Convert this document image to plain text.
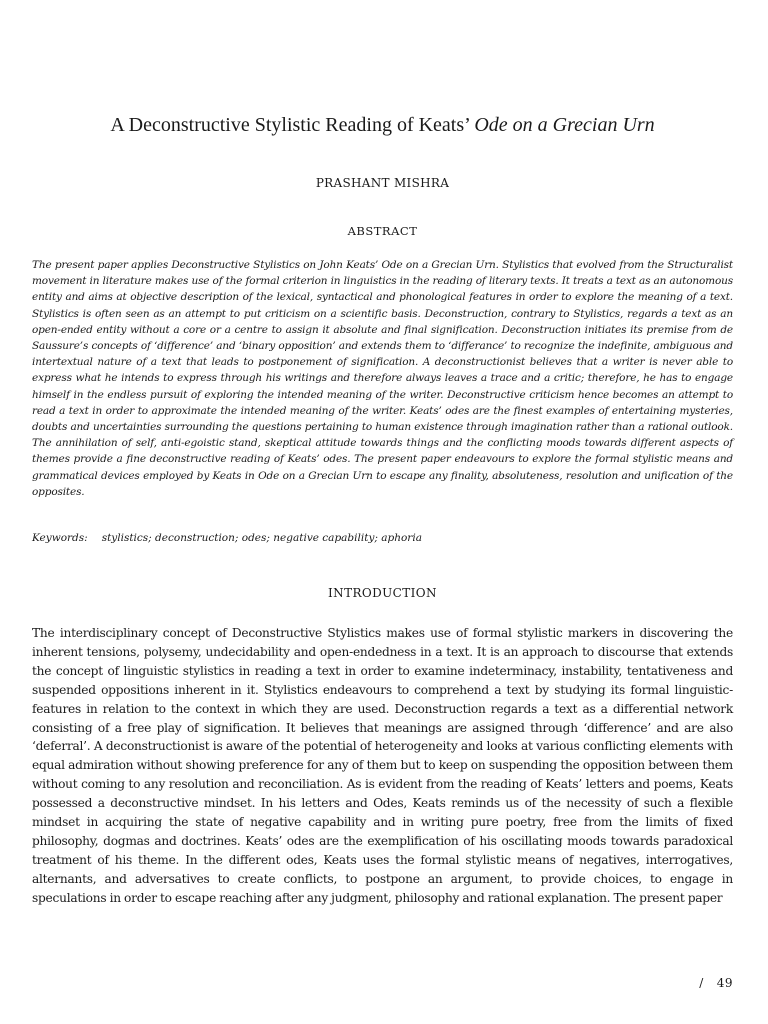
A Deconstructive Stylistic Reading of Keats’ Ode on a Grecian Urn
PRASHANT MISHRA
ABSTRACT

The present paper applies Deconstructive Stylistics on John Keats’ Ode on a Grecian Urn. Stylistics that evolved from the Structuralist movement in literature makes use of the formal criterion in linguistics in the reading of literary texts. It treats a text as an autonomous entity and aims at objective description of the lexical, syntactical and phonological features in order to explore the meaning of a text. Stylistics is often seen as an attempt to put criticism on a scientific basis. Deconstruction, contrary to Stylistics, regards a text as an open-ended entity without a core or a centre to assign it absolute and final signification. Deconstruction initiates its premise from de Saussure’s concepts of ‘difference’ and ‘binary opposition’ and extends them to ‘differance’ to recognize the indefinite, ambiguous and intertextual nature of a text that leads to postponement of signification. A deconstructionist believes that a writer is never able to express what he intends to express through his writings and therefore always leaves a trace and a critic; therefore, he has to engage himself in the endless pursuit of exploring the intended meaning of the writer. Deconstructive criticism hence becomes an attempt to read a text in order to approximate the intended meaning of the writer. Keats’ odes are the finest examples of entertaining mysteries, doubts and uncertainties surrounding the questions pertaining to human existence through imagination rather than a rational outlook. The annihilation of self, anti-egoistic stand, skeptical attitude towards things and the conflicting moods towards different aspects of themes provide a fine deconstructive reading of Keats’ odes. The present paper endeavours to explore the formal stylistic means and grammatical devices employed by Keats in Ode on a Grecian Urn to escape any finality, absoluteness, resolution and unification of the opposites.

Keywords: stylistics; deconstruction; odes; negative capability; aphoria
INTRODUCTION

The interdisciplinary concept of Deconstructive Stylistics makes use of formal stylistic markers in discovering the inherent tensions, polysemy, undecidability and open-endedness in a text. It is an approach to discourse that extends the concept of linguistic stylistics in reading a text in order to examine indeterminacy, instability, tentativeness and suspended oppositions inherent in it. Stylistics endeavours to comprehend a text by studying its formal linguistic-features in relation to the context in which they are used. Deconstruction regards a text as a differential network consisting of a free play of signification. It believes that meanings are assigned through ‘difference’ and are also ‘deferral’. A deconstructionist is aware of the potential of heterogeneity and looks at various conflicting elements with equal admiration without showing preference for any of them but to keep on suspending the opposition between them without coming to any resolution and reconciliation. As is evident from the reading of Keats’ letters and poems, Keats possessed a deconstructive mindset. In his letters and Odes, Keats reminds us of the necessity of such a flexible mindset in acquiring the state of negative capability and in writing pure poetry, free from the limits of fixed philosophy, dogmas and doctrines. Keats’ odes are the exemplification of his oscillating moods towards paradoxical treatment of his theme. In the different odes, Keats uses the formal stylistic means of negatives, interrogatives, alternants, and adversatives to create conflicts, to postpone an argument, to provide choices, to engage in speculations in order to escape reaching after any judgment, philosophy and rational explanation. The present paper

/   49
